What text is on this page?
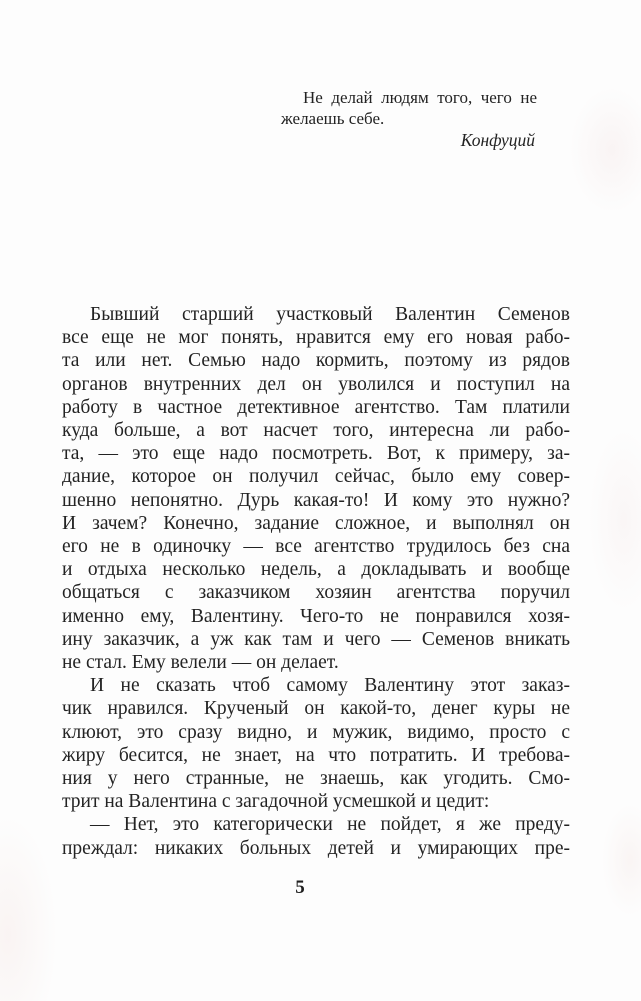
Не делай людям того, чего не
желаешь себе.
Конфуций
Бывший старший участковый Валентин Семенов
все еще не мог понять, нравится ему его новая рабо-
та или нет. Семью надо кормить, поэтому из рядов
органов внутренних дел он уволился и поступил на
работу в частное детективное агентство. Там платили
куда больше, а вот насчет того, интересна ли рабо-
та, — это еще надо посмотреть. Вот, к примеру, за-
дание, которое он получил сейчас, было ему совер-
шенно непонятно. Дурь какая-то! И кому это нужно?
И зачем? Конечно, задание сложное, и выполнял он
его не в одиночку — все агентство трудилось без сна
и отдыха несколько недель, а докладывать и вообще
общаться с заказчиком хозяин агентства поручил
именно ему, Валентину. Чего-то не понравился хозя-
ину заказчик, а уж как там и чего — Семенов вникать
не стал. Ему велели — он делает.
И не сказать чтоб самому Валентину этот заказ-
чик нравился. Крученый он какой-то, денег куры не
клюют, это сразу видно, и мужик, видимо, просто с
жиру бесится, не знает, на что потратить. И требова-
ния у него странные, не знаешь, как угодить. Смо-
трит на Валентина с загадочной усмешкой и цедит:
— Нет, это категорически не пойдет, я же преду-
преждал: никаких больных детей и умирающих пре-
5
